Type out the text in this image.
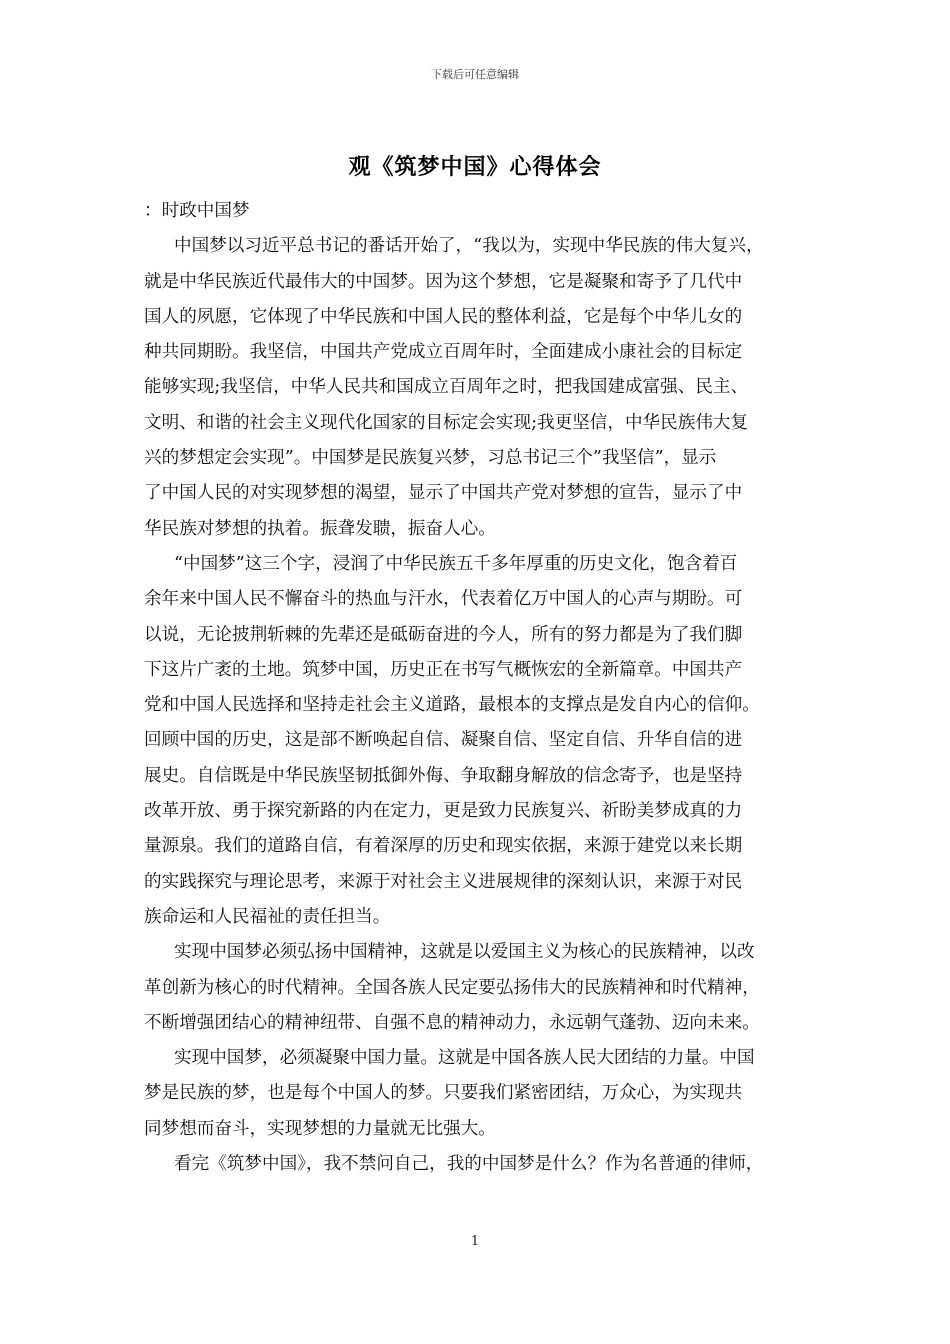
下载后可任意编辑
观《筑梦中国》心得体会

：时政中国梦

中国梦以习近平总书记的番话开始了，“我以为，实现中华民族的伟大复兴，
就是中华民族近代最伟大的中国梦。因为这个梦想，它是凝聚和寄予了几代中
国人的夙愿，它体现了中华民族和中国人民的整体利益，它是每个中华儿女的
种共同期盼。我坚信，中国共产党成立百周年时，全面建成小康社会的目标定
能够实现;我坚信，中华人民共和国成立百周年之时，把我国建成富强、民主、
文明、和谐的社会主义现代化国家的目标定会实现;我更坚信，中华民族伟大复
兴的梦想定会实现”。中国梦是民族复兴梦，习总书记三个”我坚信”，显示
了中国人民的对实现梦想的渴望，显示了中国共产党对梦想的宣告，显示了中
华民族对梦想的执着。振聋发聩，振奋人心。

“中国梦”这三个字，浸润了中华民族五千多年厚重的历史文化，饱含着百
余年来中国人民不懈奋斗的热血与汗水，代表着亿万中国人的心声与期盼。可
以说，无论披荆斩棘的先辈还是砥砺奋进的今人，所有的努力都是为了我们脚
下这片广袤的土地。筑梦中国，历史正在书写气概恢宏的全新篇章。中国共产
党和中国人民选择和坚持走社会主义道路，最根本的支撑点是发自内心的信仰。
回顾中国的历史，这是部不断唤起自信、凝聚自信、坚定自信、升华自信的进
展史。自信既是中华民族坚韧抵御外侮、争取翻身解放的信念寄予，也是坚持
改革开放、勇于探究新路的内在定力，更是致力民族复兴、祈盼美梦成真的力
量源泉。我们的道路自信，有着深厚的历史和现实依据，来源于建党以来长期
的实践探究与理论思考，来源于对社会主义进展规律的深刻认识，来源于对民
族命运和人民福祉的责任担当。

实现中国梦必须弘扬中国精神，这就是以爱国主义为核心的民族精神，以改
革创新为核心的时代精神。全国各族人民定要弘扬伟大的民族精神和时代精神，
不断增强团结心的精神纽带、自强不息的精神动力，永远朝气蓬勃、迈向未来。

实现中国梦，必须凝聚中国力量。这就是中国各族人民大团结的力量。中国
梦是民族的梦，也是每个中国人的梦。只要我们紧密团结，万众心，为实现共
同梦想而奋斗，实现梦想的力量就无比强大。

看完《筑梦中国》，我不禁问自己，我的中国梦是什么？作为名普通的律师，

1
